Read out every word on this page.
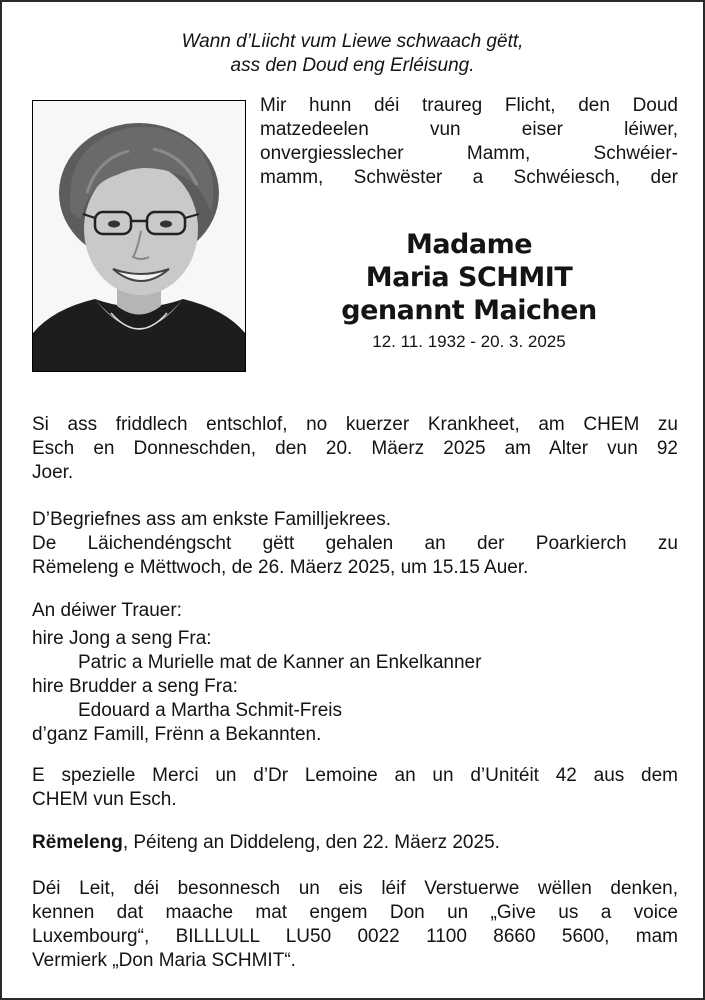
Wann d’Liicht vum Liewe schwaach gëtt,
ass den Doud eng Erléisung.
Mir hunn déi traureg Flicht, den Doud
matzedeelen vun eiser léiwer,
onvergiesslecher Mamm, Schwéier-
mamm, Schwëster a Schwéiesch, der
Madame
Maria SCHMIT
genannt Maichen
12. 11. 1932 - 20. 3. 2025
Si ass friddlech entschlof, no kuerzer Krankheet, am CHEM zu
Esch en Donneschden, den 20. Mäerz 2025 am Alter vun 92
Joer.
D’Begriefnes ass am enkste Familljekrees.
De Läichendéngscht gëtt gehalen an der Poarkierch zu
Rëmeleng e Mëttwoch, de 26. Mäerz 2025, um 15.15 Auer.
An déiwer Trauer:
hire Jong a seng Fra:
Patric a Murielle mat de Kanner an Enkelkanner
hire Brudder a seng Fra:
Edouard a Martha Schmit-Freis
d’ganz Famill, Frënn a Bekannten.
E spezielle Merci un d’Dr Lemoine an un d’Unitéit 42 aus dem
CHEM vun Esch.
Rëmeleng, Péiteng an Diddeleng, den 22. Mäerz 2025.
Déi Leit, déi besonnesch un eis léif Verstuerwe wëllen denken,
kennen dat maache mat engem Don un „Give us a voice
Luxembourg“, BILLLULL LU50 0022 1100 8660 5600, mam
Vermierk „Don Maria SCHMIT“.
